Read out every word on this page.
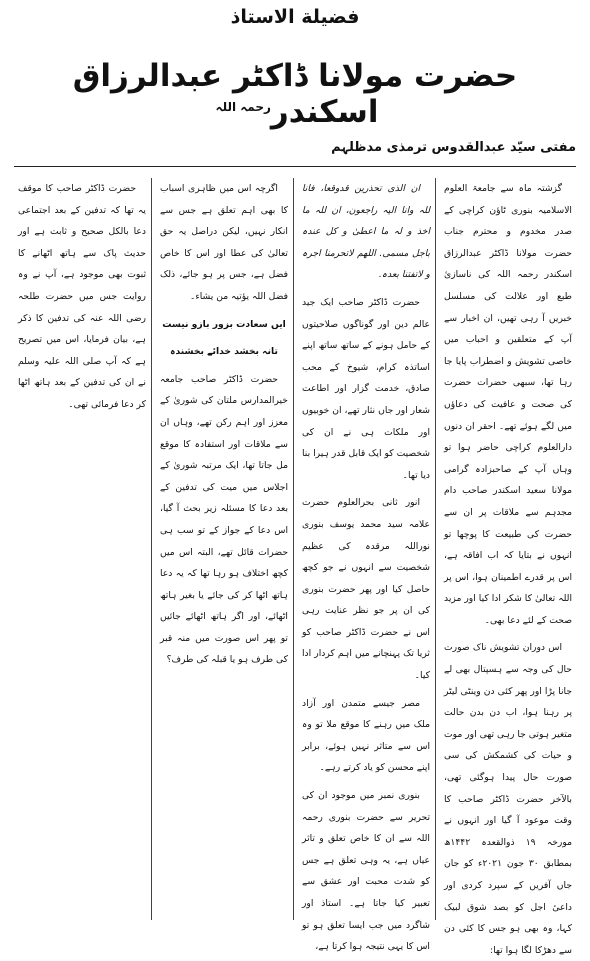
فضيلة الاستاذ
حضرت مولانا ڈاکٹر عبدالرزاق اسکندر$^{رحمہ اللہ}$
مفتی سیّد عبدالقدوس ترمذی مدظلہم

گزشتہ ماہ سے جامعۃ العلوم الاسلامیہ بنوری ٹاؤن کراچی کے صدر مخدوم و محترم جناب حضرت مولانا ڈاکٹر عبدالرزاق اسکندر رحمہ اللہ کی ناسازیٔ طبع اور علالت کی مسلسل خبریں آ رہی تھیں، ان اخبار سے آپ کے متعلقین و احباب میں خاصی تشویش و اضطراب پایا جا رہا تھا، سبھی حضرات حضرت کی صحت و عافیت کی دعاؤں میں لگے ہوئے تھے۔ احقر ان دنوں دارالعلوم کراچی حاضر ہوا تو وہاں آپ کے صاحبزادہ گرامی مولانا سعید اسکندر صاحب دام مجدہم سے ملاقات پر ان سے حضرت کی طبیعت کا پوچھا تو انہوں نے بتایا کہ اب افاقہ ہے، اس پر قدرے اطمینان ہوا، اس پر اللہ تعالیٰ کا شکر ادا کیا اور مزید صحت کے لئے دعا بھی۔

اس دوران تشویش ناک صورت حال کی وجہ سے ہسپتال بھی لے جانا پڑا اور پھر کئی دن وینٹی لیٹر پر رہنا ہوا، اب دن بدن حالت متغیر ہوتی جا رہی تھی اور موت و حیات کی کشمکش کی سی صورت حال پیدا ہوگئی تھی، بالآخر حضرت ڈاکٹر صاحب کا وقت موعود آ گیا اور انہوں نے مورخہ ۱۹ ذوالقعدہ ۱۴۴۲ھ بمطابق ۳۰ جون ۲۰۲۱ء کو جان جاں آفریں کے سپرد کردی اور داعیٔ اجل کو بصد شوق لبیک کہا، وہ بھی ہو جس کا کئی دن سے دھڑکا لگا ہوا تھا:

ان الذی تحذرین قدوقعا، فانا للہ وانا الیہ راجعون، ان للہ ما اخذ و لہ ما اعطیٰ و کل عندہ باجل مسمی. اللھم لاتحرمنا اجرہ و لاتفتنا بعدہ.

حضرت ڈاکٹر صاحب ایک جید عالم دین اور گوناگوں صلاحیتوں کے حامل ہونے کے ساتھ ساتھ اپنے اساتذہ کرام، شیوخ کے محب صادق، خدمت گزار اور اطاعت شعار اور جاں نثار تھے، ان خوبیوں اور ملکات ہی نے ان کی شخصیت کو ایک قابل قدر ہیرا بنا دیا تھا۔

انور ثانی بحرالعلوم حضرت علامہ سید محمد یوسف بنوری نوراللہ مرقدہ کی عظیم شخصیت سے انہوں نے جو کچھ حاصل کیا اور پھر حضرت بنوری کی ان پر جو نظر عنایت رہی اس نے حضرت ڈاکٹر صاحب کو ثریا تک پہنچانے میں اہم کردار ادا کیا۔

مصر جیسے متمدن اور آزاد ملک میں رہنے کا موقع ملا تو وہ اس سے متاثر نہیں ہوئے، برابر اپنے محسن کو یاد کرتے رہے۔

بنوری نمبر میں موجود ان کی تحریر سے حضرت بنوری رحمہ اللہ سے ان کا خاص تعلق و تاثر عیاں ہے، یہ وہی تعلق ہے جس کو شدت محبت اور عشق سے تعبیر کیا جاتا ہے۔ استاذ اور شاگرد میں جب ایسا تعلق ہو تو اس کا یہی نتیجہ ہوا کرتا ہے،

اگرچہ اس میں ظاہری اسباب کا بھی اہم تعلق ہے جس سے انکار نہیں، لیکن دراصل یہ حق تعالیٰ کی عطا اور اس کا خاص فضل ہے، جس پر ہو جائے، ذلک فضل اللہ یؤتیہ من یشاء۔

ایں سعادت بزور بازو نیست

تانہ بخشد خدائے بخشندہ

حضرت ڈاکٹر صاحب جامعہ خیرالمدارس ملتان کی شوریٰ کے معزز اور اہم رکن تھے، وہاں ان سے ملاقات اور استفادہ کا موقع مل جاتا تھا، ایک مرتبہ شوریٰ کے اجلاس میں میت کی تدفین کے بعد دعا کا مسئلہ زیر بحث آ گیا، اس دعا کے جواز کے تو سب ہی حضرات قائل تھے، البتہ اس میں کچھ اختلاف ہو رہا تھا کہ یہ دعا ہاتھ اٹھا کر کی جائے یا بغیر ہاتھ اٹھائے، اور اگر ہاتھ اٹھائے جائیں تو پھر اس صورت میں منہ قبر کی طرف ہو یا قبلہ کی طرف؟

حضرت ڈاکٹر صاحب کا موقف یہ تھا کہ تدفین کے بعد اجتماعی دعا بالکل صحیح و ثابت ہے اور حدیث پاک سے ہاتھ اٹھانے کا ثبوت بھی موجود ہے، آپ نے وہ روایت جس میں حضرت طلحہ رضی اللہ عنہ کی تدفین کا ذکر ہے، بیان فرمایا، اس میں تصریح ہے کہ آپ صلی اللہ علیہ وسلم نے ان کی تدفین کے بعد ہاتھ اٹھا کر دعا فرمائی تھی۔
